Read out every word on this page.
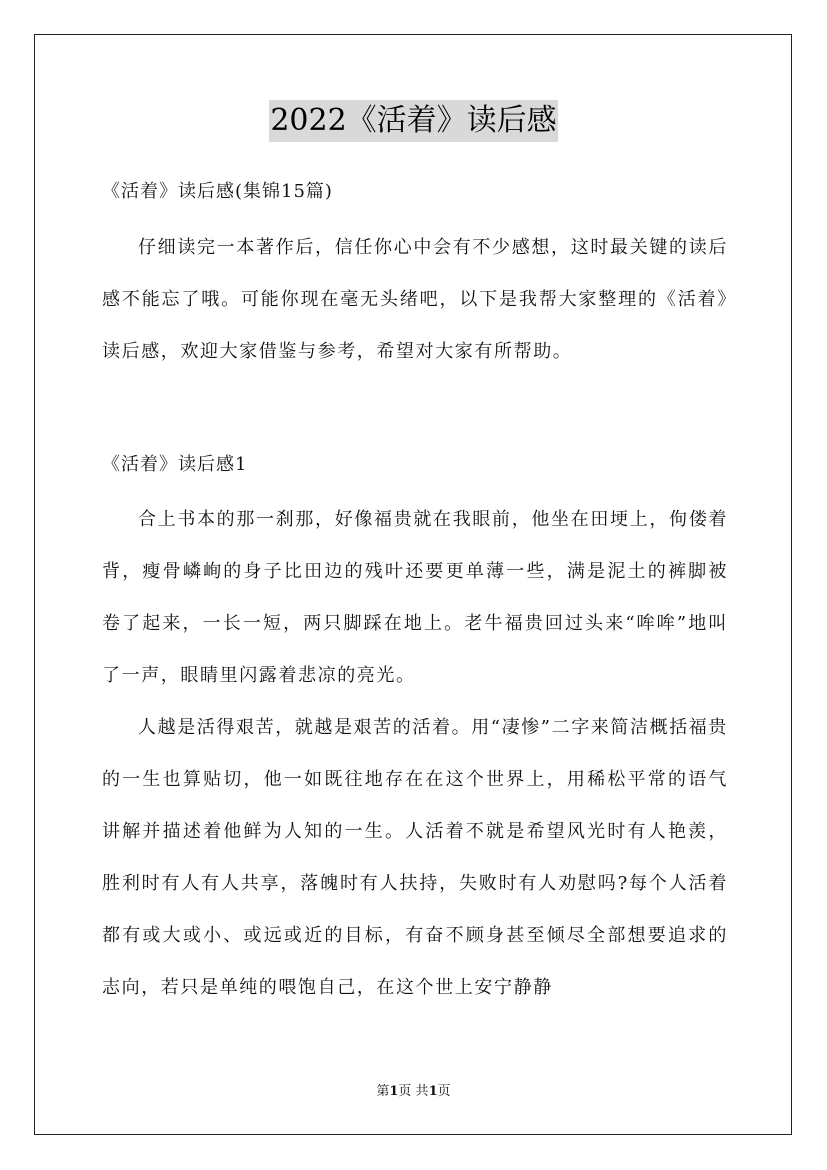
2022《活着》读后感
《活着》读后感(集锦15篇)

仔细读完一本著作后，信任你心中会有不少感想，这时最关键的读后感不能忘了哦。可能你现在毫无头绪吧，以下是我帮大家整理的《活着》读后感，欢迎大家借鉴与参考，希望对大家有所帮助。

《活着》读后感1

合上书本的那一刹那，好像福贵就在我眼前，他坐在田埂上，佝偻着背，瘦骨嶙峋的身子比田边的残叶还要更单薄一些，满是泥土的裤脚被卷了起来，一长一短，两只脚踩在地上。老牛福贵回过头来“哞哞”地叫了一声，眼睛里闪露着悲凉的亮光。

人越是活得艰苦，就越是艰苦的活着。用“凄惨”二字来简洁概括福贵的一生也算贴切，他一如既往地存在在这个世界上，用稀松平常的语气讲解并描述着他鲜为人知的一生。人活着不就是希望风光时有人艳羡，胜利时有人有人共享，落魄时有人扶持，失败时有人劝慰吗?每个人活着都有或大或小、或远或近的目标，有奋不顾身甚至倾尽全部想要追求的志向，若只是单纯的喂饱自己，在这个世上安宁静静

第1页 共1页
